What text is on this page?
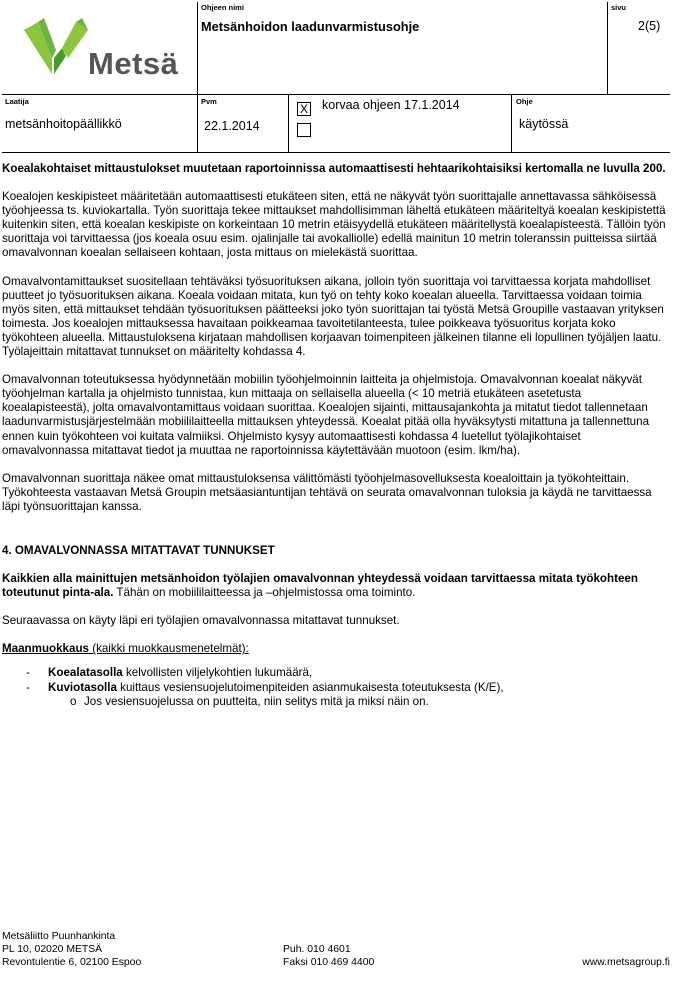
Metsä
Ohjeen nimi
Metsänhoidon laadunvarmistusohje
sivu
2(5)
Laatija
metsänhoitopäällikkö
Pvm
22.1.2014
X korvaa ohjeen 17.1.2014	Ohje
käytössä

Koealakohtaiset mittaustulokset muutetaan raportoinnissa automaattisesti hehtaarikohtaisiksi kertomalla ne luvulla 200.

Koealojen keskipisteet määritetään automaattisesti etukäteen siten, että ne näkyvät työn suorittajalle annettavassa sähköisessä työohjeessa ts. kuviokartalla. Työn suorittaja tekee mittaukset mahdollisimman läheltä etukäteen määriteltyä koealan keskipistettä kuitenkin siten, että koealan keskipiste on korkeintaan 10 metrin etäisyydellä etukäteen määritellystä koealapisteestä. Tällöin työn suorittaja voi tarvittaessa (jos koeala osuu esim. ojalinjalle tai avokalliolle) edellä mainitun 10 metrin toleranssin puitteissa siirtää omavalvonnan koealan sellaiseen kohtaan, josta mittaus on mielekästä suorittaa.

Omavalvontamittaukset suositellaan tehtäväksi työsuorituksen aikana, jolloin työn suorittaja voi tarvittaessa korjata mahdolliset puutteet jo työsuorituksen aikana. Koeala voidaan mitata, kun työ on tehty koko koealan alueella. Tarvittaessa voidaan toimia myös siten, että mittaukset tehdään työsuorituksen päätteeksi joko työn suorittajan tai työstä Metsä Groupille vastaavan yrityksen toimesta. Jos koealojen mittauksessa havaitaan poikkeamaa tavoitetilanteesta, tulee poikkeava työsuoritus korjata koko työkohteen alueella. Mittaustuloksena kirjataan mahdollisen korjaavan toimenpiteen jälkeinen tilanne eli lopullinen työjäljen laatu. Työlajeittain mitattavat tunnukset on määritelty kohdassa 4.

Omavalvonnan toteutuksessa hyödynnetään mobiilin työohjelmoinnin laitteita ja ohjelmistoja. Omavalvonnan koealat näkyvät työohjelman kartalla ja ohjelmisto tunnistaa, kun mittaaja on sellaisella alueella (< 10 metriä etukäteen asetetusta koealapisteestä), jolta omavalvontamittaus voidaan suorittaa. Koealojen sijainti, mittausajankohta ja mitatut tiedot tallennetaan laadunvarmistusjärjestelmään mobiililaitteella mittauksen yhteydessä. Koealat pitää olla hyväksytysti mitattuna ja tallennettuna ennen kuin työkohteen voi kuitata valmiiksi. Ohjelmisto kysyy automaattisesti kohdassa 4 luetellut työlajikohtaiset omavalvonnassa mitattavat tiedot ja muuttaa ne raportoinnissa käytettävään muotoon (esim. lkm/ha).

Omavalvonnan suorittaja näkee omat mittaustuloksensa välittömästi työohjelmasovelluksesta koealoittain ja työkohteittain. Työkohteesta vastaavan Metsä Groupin metsäasiantuntijan tehtävä on seurata omavalvonnan tuloksia ja käydä ne tarvittaessa läpi työnsuorittajan kanssa.

4. OMAVALVONNASSA MITATTAVAT TUNNUKSET

Kaikkien alla mainittujen metsänhoidon työlajien omavalvonnan yhteydessä voidaan tarvittaessa mitata työkohteen toteutunut pinta-ala. Tähän on mobiililaitteessa ja –ohjelmistossa oma toiminto.

Seuraavassa on käyty läpi eri työlajien omavalvonnassa mitattavat tunnukset.

Maanmuokkaus (kaikki muokkausmenetelmät):

- Koealatasolla kelvollisten viljelykohtien lukumäärä,
- Kuviotasolla kuittaus vesiensuojelutoimenpiteiden asianmukaisesta toteutuksesta (K/E),
o Jos vesiensuojelussa on puutteita, niin selitys mitä ja miksi näin on.
Metsäliitto Puunhankinta
PL 10, 02020 METSÄ
Revontulentie 6, 02100 Espoo
Puh. 010 4601
Faksi 010 469 4400	www.metsagroup.fi
